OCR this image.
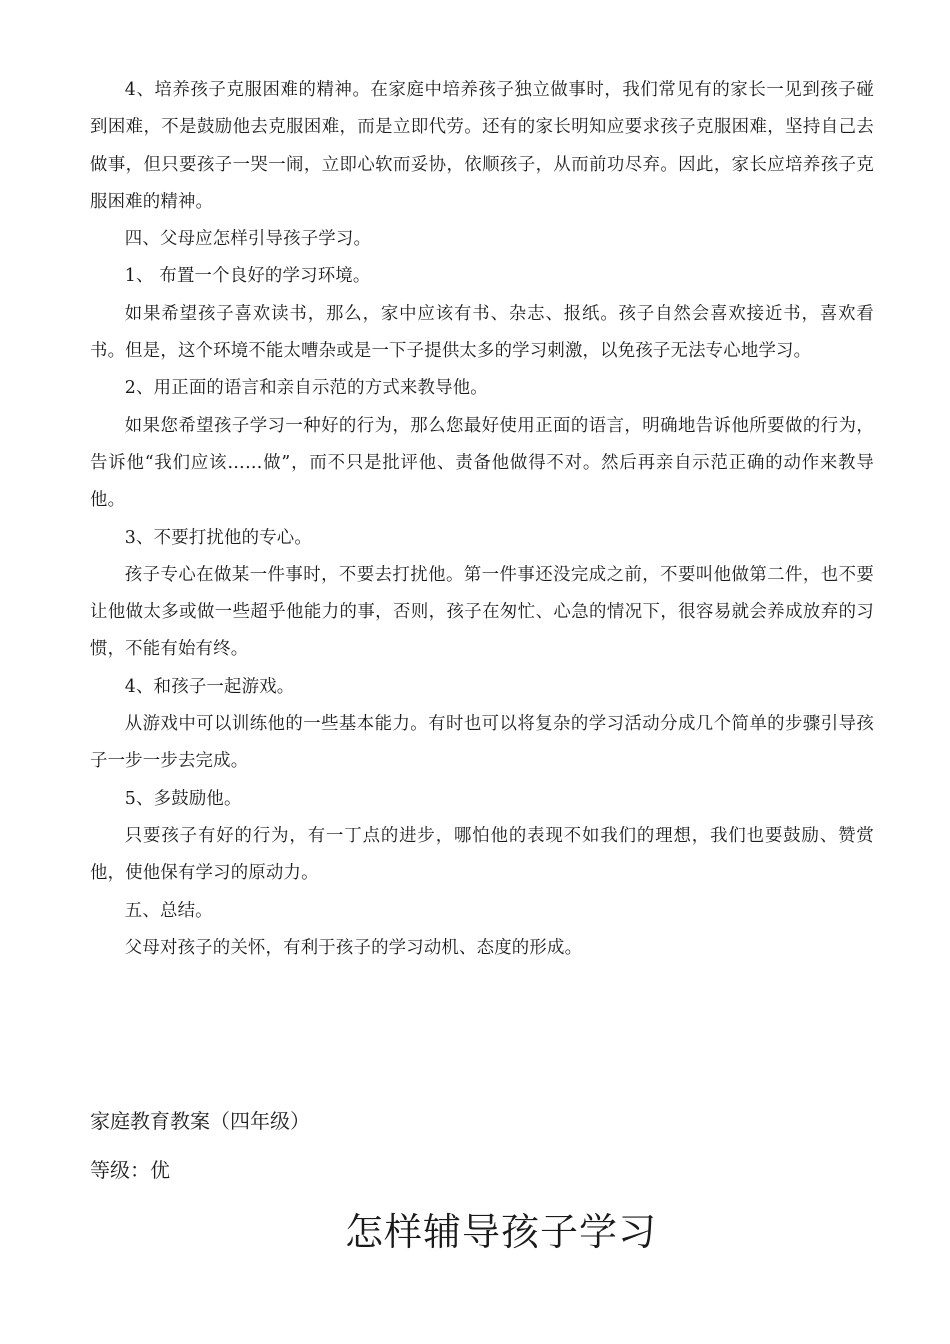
4、培养孩子克服困难的精神。在家庭中培养孩子独立做事时，我们常见有的家长一见到孩子碰到困难，不是鼓励他去克服困难，而是立即代劳。还有的家长明知应要求孩子克服困难，坚持自己去做事，但只要孩子一哭一闹，立即心软而妥协，依顺孩子，从而前功尽弃。因此，家长应培养孩子克服困难的精神。

四、父母应怎样引导孩子学习。

1、 布置一个良好的学习环境。

如果希望孩子喜欢读书，那么，家中应该有书、杂志、报纸。孩子自然会喜欢接近书，喜欢看书。但是，这个环境不能太嘈杂或是一下子提供太多的学习刺激，以免孩子无法专心地学习。

2、用正面的语言和亲自示范的方式来教导他。

如果您希望孩子学习一种好的行为，那么您最好使用正面的语言，明确地告诉他所要做的行为，告诉他“我们应该……做”，而不只是批评他、责备他做得不对。然后再亲自示范正确的动作来教导他。

3、不要打扰他的专心。

孩子专心在做某一件事时，不要去打扰他。第一件事还没完成之前，不要叫他做第二件，也不要让他做太多或做一些超乎他能力的事，否则，孩子在匆忙、心急的情况下，很容易就会养成放弃的习惯，不能有始有终。

4、和孩子一起游戏。

从游戏中可以训练他的一些基本能力。有时也可以将复杂的学习活动分成几个简单的步骤引导孩子一步一步去完成。

5、多鼓励他。

只要孩子有好的行为，有一丁点的进步，哪怕他的表现不如我们的理想，我们也要鼓励、赞赏他，使他保有学习的原动力。

五、总结。

父母对孩子的关怀，有利于孩子的学习动机、态度的形成。

家庭教育教案（四年级）

等级：优

怎样辅导孩子学习
